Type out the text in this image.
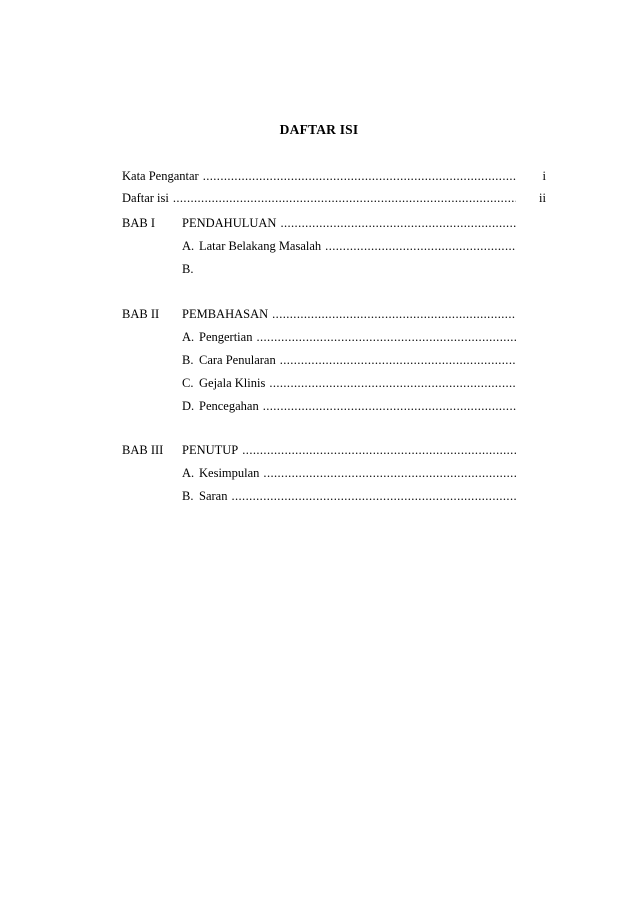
DAFTAR ISI
Kata Pengantar .....	i
Daftar isi .....	ii
BAB I PENDAHULUAN
.....
A. Latar Belakang Masalah
.....
B.
BAB II PEMBAHASAN
.....
A. Pengertian
.....
B. Cara Penularan
.....
C. Gejala Klinis
.....
D. Pencegahan
.....
BAB III PENUTUP
.....
A. Kesimpulan
.....
B. Saran
.....
